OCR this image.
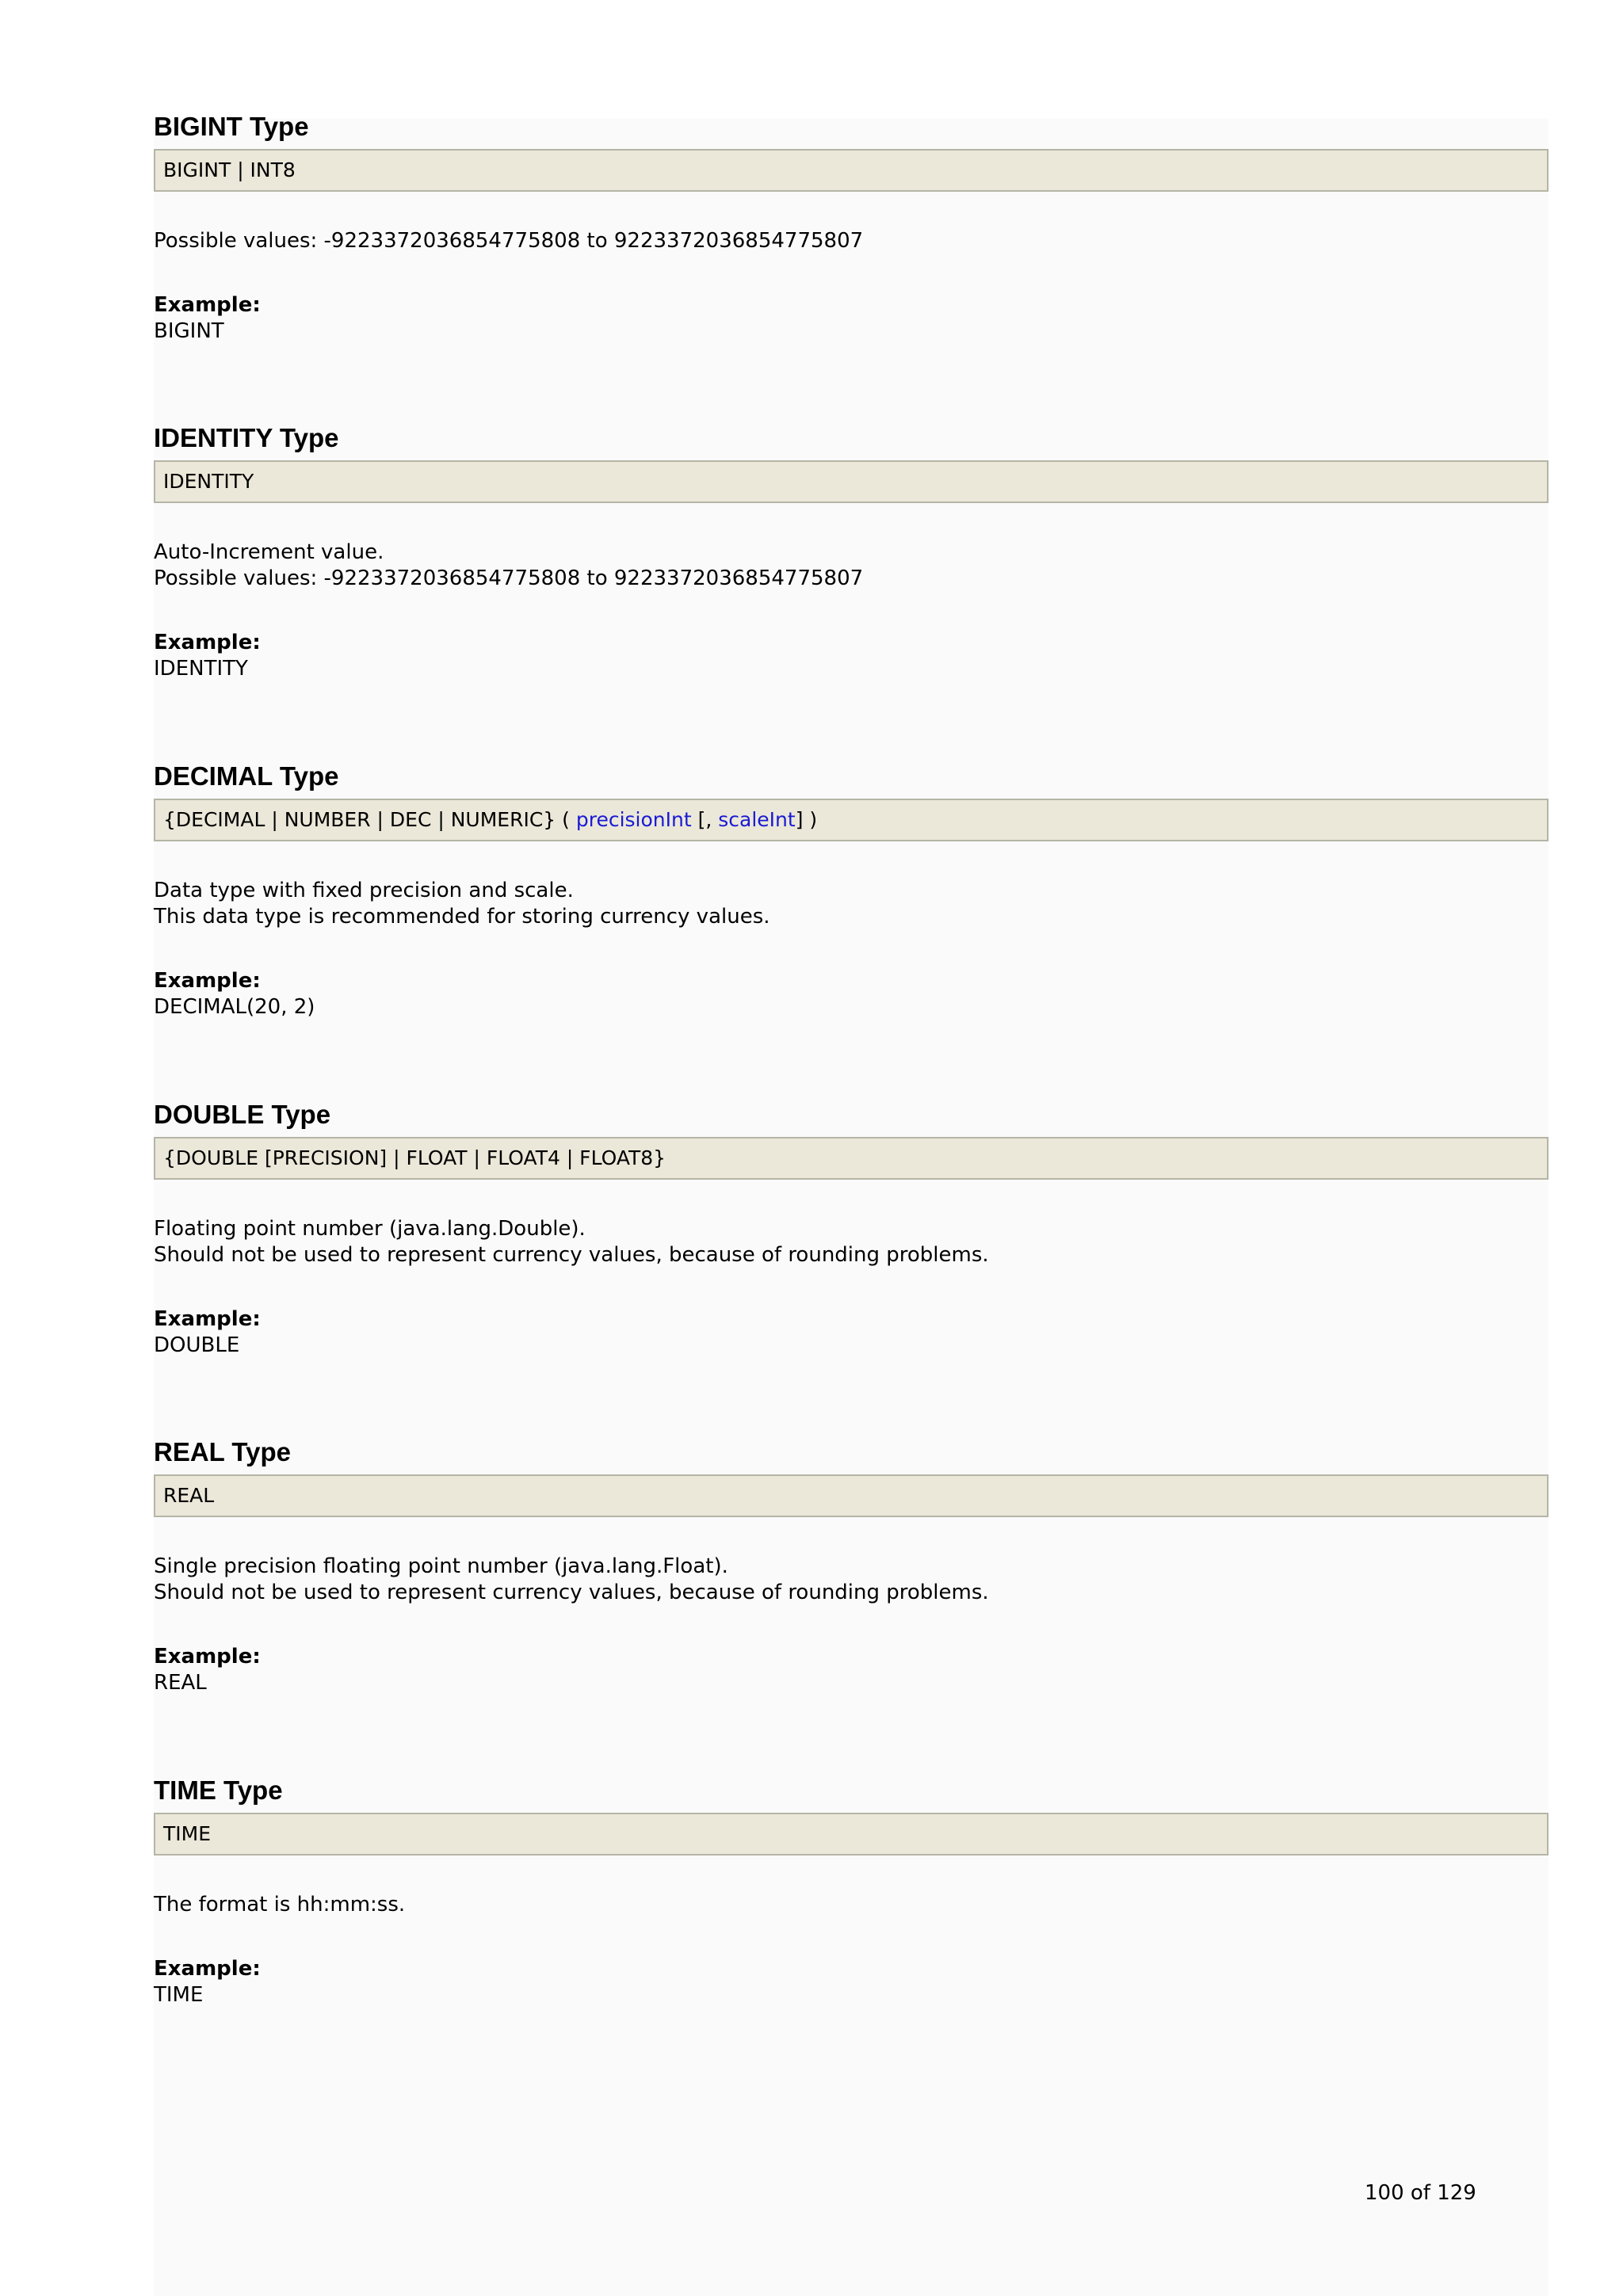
BIGINT Type
BIGINT | INT8

Possible values: -9223372036854775808 to 9223372036854775807

Example:
BIGINT
IDENTITY Type
IDENTITY

Auto-Increment value.

Possible values: -9223372036854775808 to 9223372036854775807

Example:
IDENTITY
DECIMAL Type
{DECIMAL | NUMBER | DEC | NUMERIC} ( precisionInt [, scaleInt] )

Data type with fixed precision and scale.

This data type is recommended for storing currency values.

Example:
DECIMAL(20, 2)
DOUBLE Type
{DOUBLE [PRECISION] | FLOAT | FLOAT4 | FLOAT8}

Floating point number (java.lang.Double).

Should not be used to represent currency values, because of rounding problems.

Example:
DOUBLE
REAL Type
REAL

Single precision floating point number (java.lang.Float).

Should not be used to represent currency values, because of rounding problems.

Example:
REAL
TIME Type
TIME

The format is hh:mm:ss.

Example:
TIME
100 of 129
